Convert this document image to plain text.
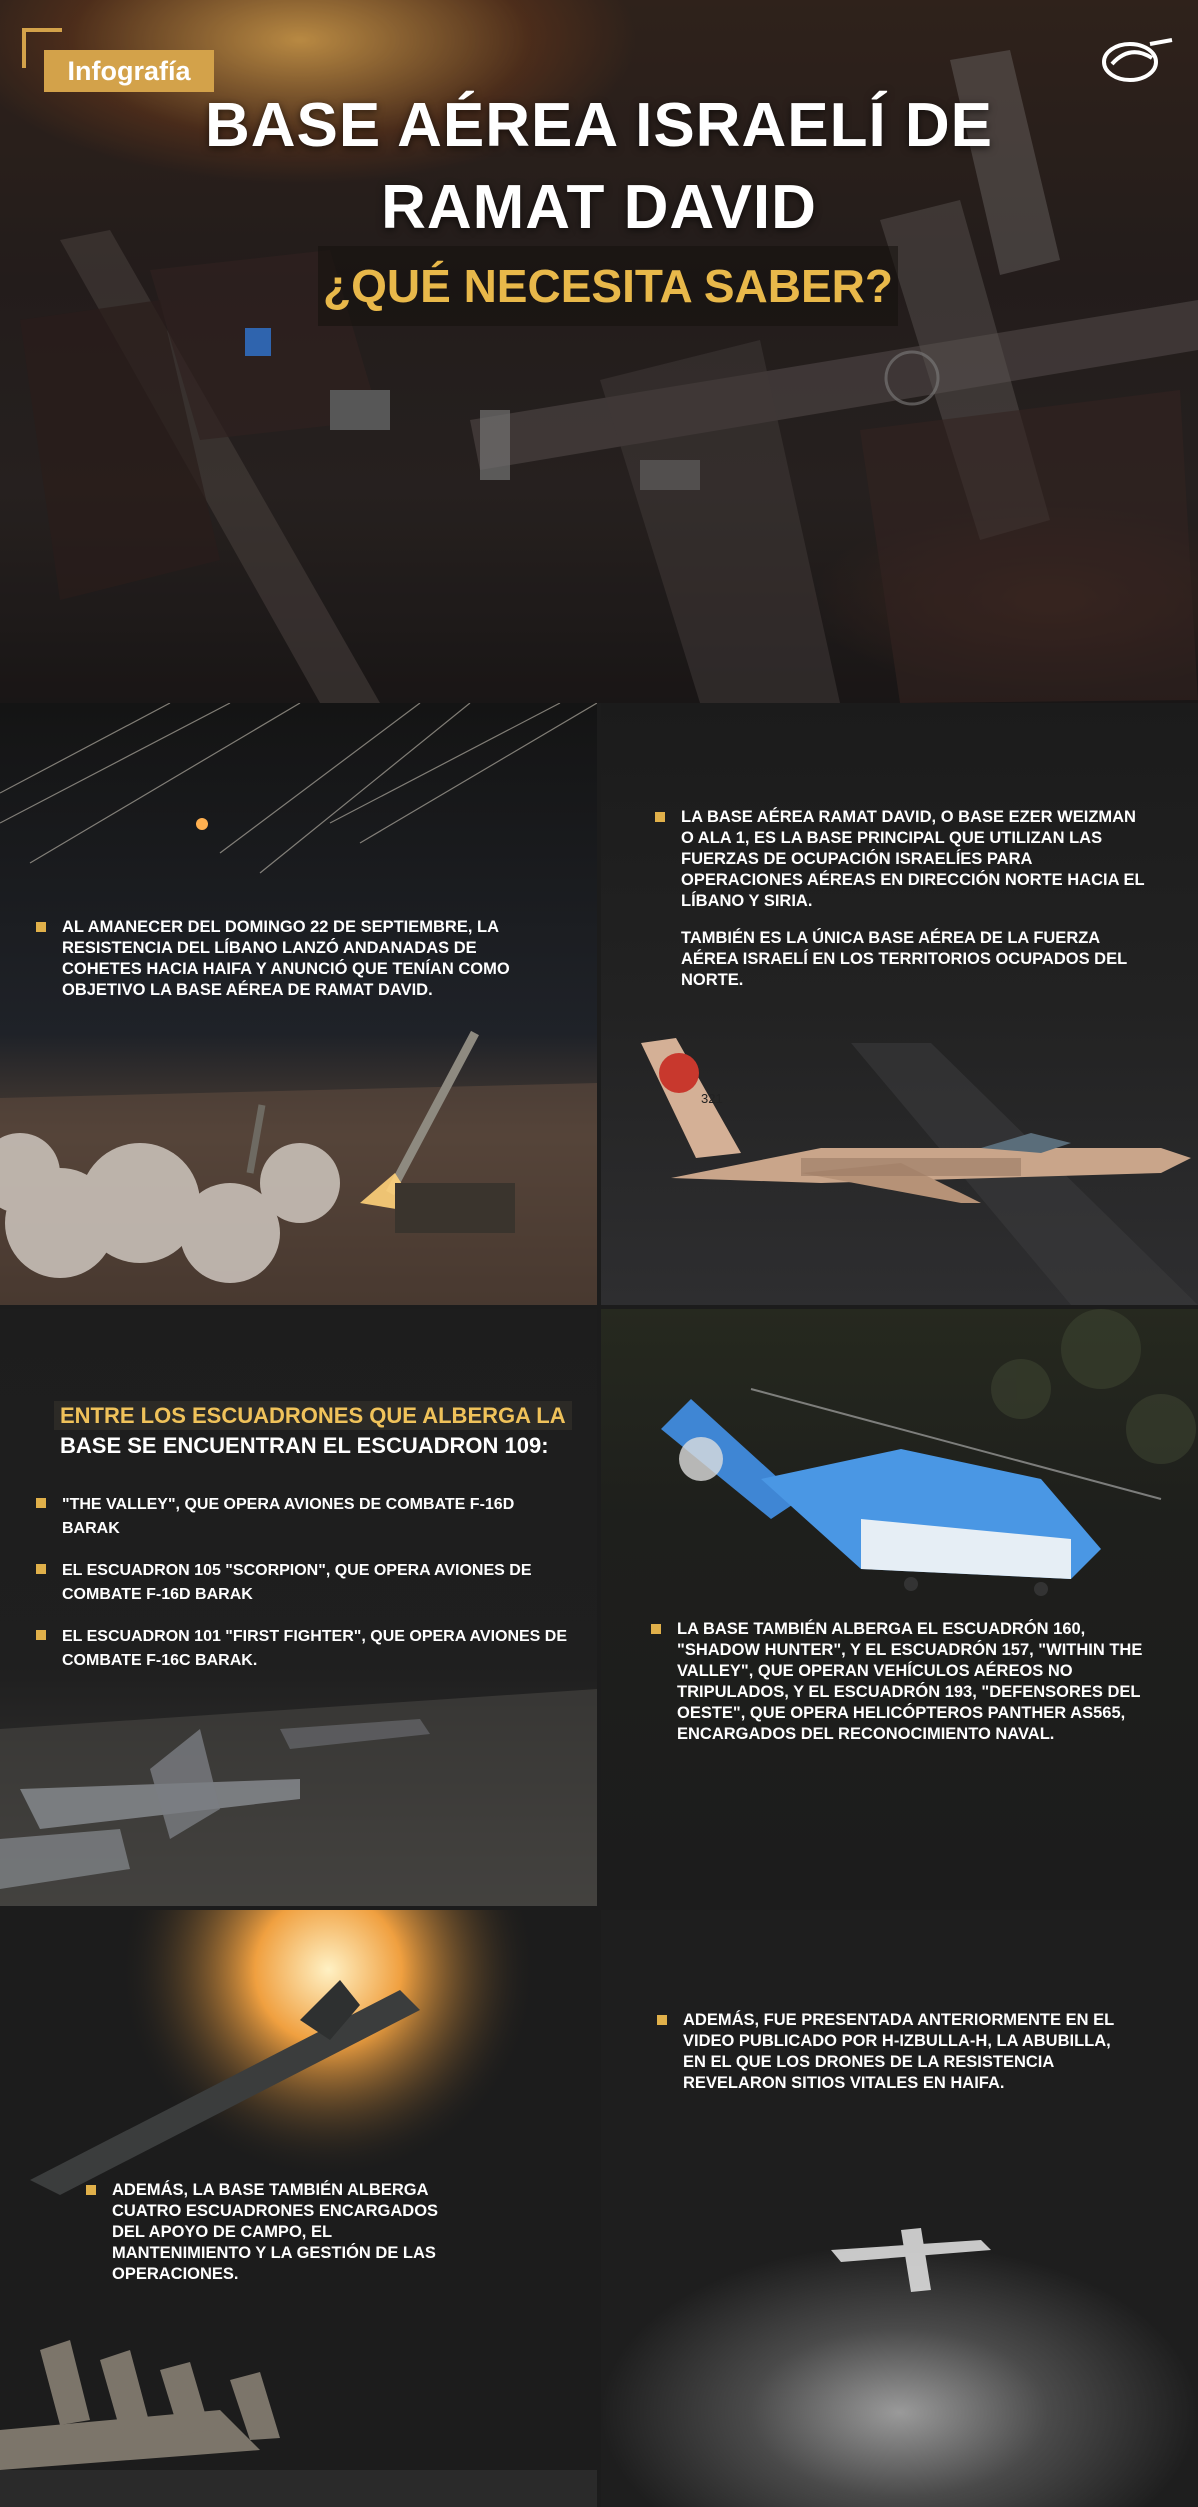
Infografía
BASE AÉREA ISRAELÍ DE
RAMAT DAVID
¿QUÉ NECESITA SABER?
AL AMANECER DEL DOMINGO 22 DE SEPTIEMBRE, LA RESISTENCIA DEL LÍBANO LANZÓ ANDANADAS DE COHETES HACIA HAIFA Y ANUNCIÓ QUE TENÍAN COMO OBJETIVO LA BASE AÉREA DE RAMAT DAVID.
321
LA BASE AÉREA RAMAT DAVID, O BASE EZER WEIZMAN O ALA 1, ES LA BASE PRINCIPAL QUE UTILIZAN LAS FUERZAS DE OCUPACIÓN ISRAELÍES PARA OPERACIONES AÉREAS EN DIRECCIÓN NORTE HACIA EL LÍBANO Y SIRIA.
TAMBIÉN ES LA ÚNICA BASE AÉREA DE LA FUERZA AÉREA ISRAELÍ EN LOS TERRITORIOS OCUPADOS DEL NORTE.
ENTRE LOS ESCUADRONES QUE ALBERGA LA
BASE SE ENCUENTRAN EL ESCUADRON 109:
"THE VALLEY", QUE OPERA AVIONES DE COMBATE F-16D BARAK
EL ESCUADRON 105 "SCORPION", QUE OPERA AVIONES DE COMBATE F-16D BARAK
EL ESCUADRON 101 "FIRST FIGHTER", QUE OPERA AVIONES DE COMBATE F-16C BARAK.
LA BASE TAMBIÉN ALBERGA EL ESCUADRÓN 160, "SHADOW HUNTER", Y EL ESCUADRÓN 157, "WITHIN THE VALLEY", QUE OPERAN VEHÍCULOS AÉREOS NO TRIPULADOS, Y EL ESCUADRÓN 193, "DEFENSORES DEL OESTE", QUE OPERA HELICÓPTEROS PANTHER AS565, ENCARGADOS DEL RECONOCIMIENTO NAVAL.
ADEMÁS, LA BASE TAMBIÉN ALBERGA CUATRO ESCUADRONES ENCARGADOS DEL APOYO DE CAMPO, EL MANTENIMIENTO Y LA GESTIÓN DE LAS OPERACIONES.
ADEMÁS, FUE PRESENTADA ANTERIORMENTE EN EL VIDEO PUBLICADO POR H-IZBULLA-H, LA ABUBILLA, EN EL QUE LOS DRONES DE LA RESISTENCIA REVELARON SITIOS VITALES EN HAIFA.
